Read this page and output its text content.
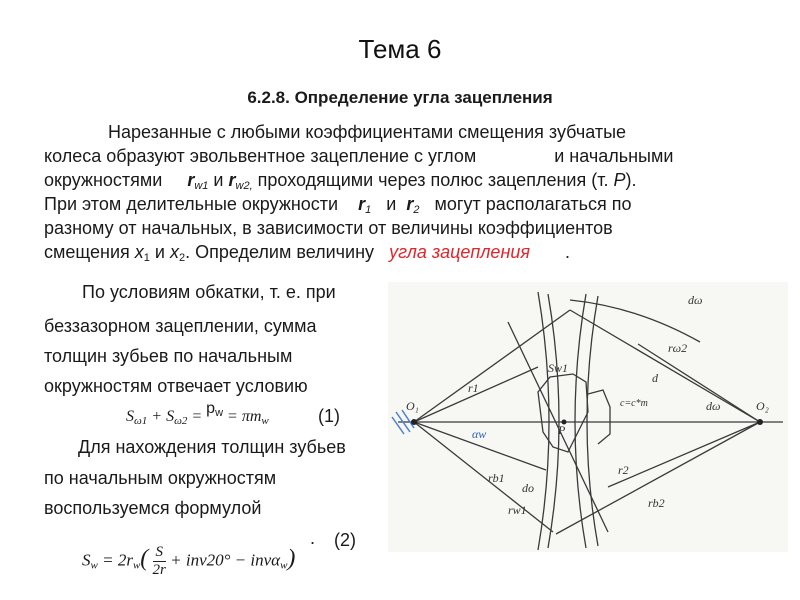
Тема 6
6.2.8. Определение угла зацепления
Нарезанные с любыми коэффициентами смещения зубчатые
колеса образуют эвольвентное зацепление с углом	и начальными
окружностями $r_{w1}$ и $r_{w2,}$ проходящими через полюс зацепления (т. Р).
При этом делительные окружности $r_1$ и $r_2$ могут располагаться по
разному от начальных, в зависимости от величины коэффициентов
смещения $х_1$ и $х_2$. Определим величину угла зацепления .
По условиям обкатки, т. е. при
беззазорном зацеплении, сумма
толщин зубьев по начальным
окружностям отвечает условию
$S_{\omega 1} + S_{\omega 2} = p_w = \pi m_w$	(1)
Для нахождения толщин зубьев
по начальным окружностям
воспользуемся формулой
. (2)
$S_w = 2r_w( \frac{S}{2r} + inv20^\circ - inv\alpha_w)$
O₁	O₂
P
dω
dω
rω2
rb2
r2
r1
rb1
rw1
Sw1
αw
c=c*m
do
d
